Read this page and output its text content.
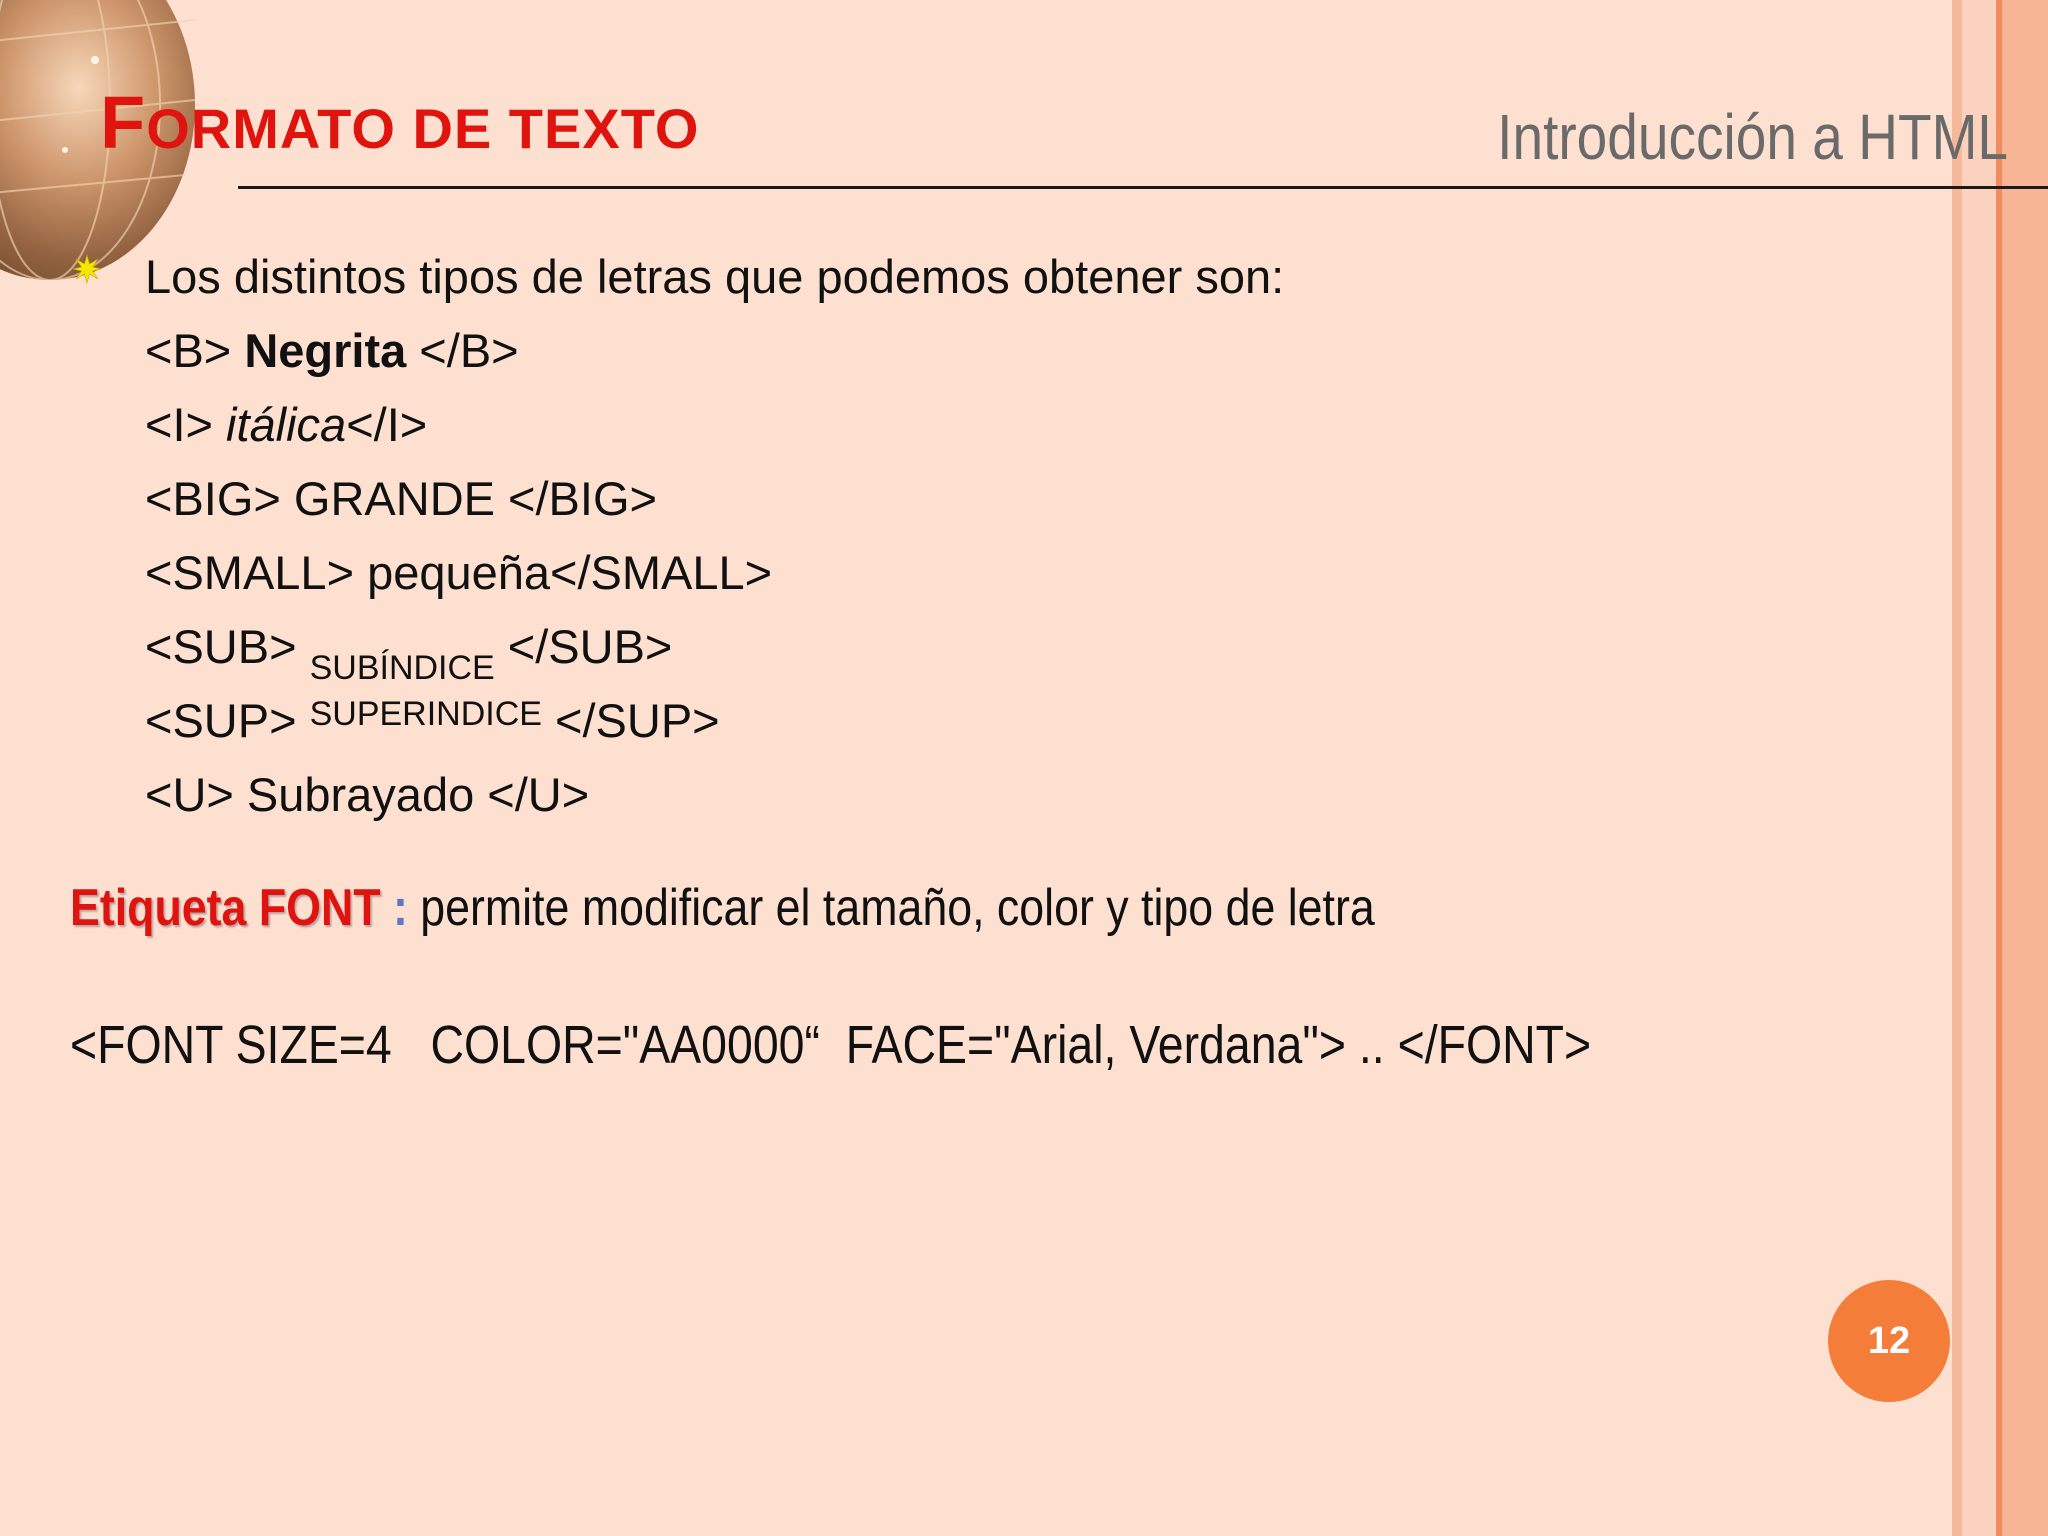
FORMATO DE TEXTO	Introducción a HTML
Los distintos tipos de letras que podemos obtener son:
<B> Negrita </B>
<I> itálica</I>
<BIG> GRANDE </BIG>
<SMALL> pequeña</SMALL>
<SUB> $_{SUBÍNDICE}$ </SUB>
<SUP> $^{SUPERINDICE}$ </SUP>
<U> Subrayado </U>
Etiqueta FONT : permite modificar el tamaño, color y tipo de letra
<FONT SIZE=4   COLOR="AA0000“  FACE="Arial, Verdana"> .. </FONT>
12
